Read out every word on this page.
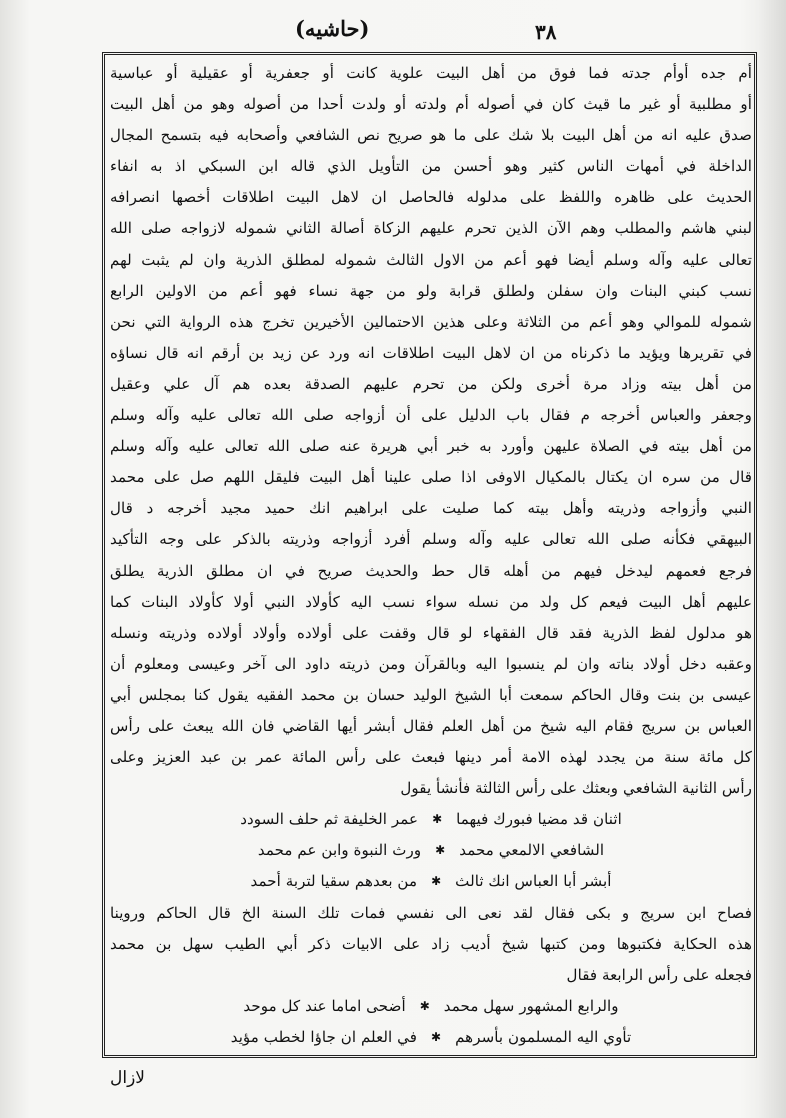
(حاشيه)	٣٨
أم جده أوأم جدته فما فوق من أهل البيت علوية كانت أو جعفرية أو عقيلية أو عباسية
أو مطلبية أو غير ما قيث كان في أصوله أم ولدته أو ولدت أحدا من أصوله وهو من أهل البيت
صدق عليه انه من أهل البيت بلا شك على ما هو صريح نص الشافعي وأصحابه فيه بتسمح المجال
الداخلة في أمهات الناس كثير وهو أحسن من التأويل الذي قاله ابن السبكي اذ به انفاء
الحديث على ظاهره واللفظ على مدلوله فالحاصل ان لاهل البيت اطلاقات أخصها انصرافه
لبني هاشم والمطلب وهم الآن الذين تحرم عليهم الزكاة أصالة الثاني شموله لازواجه صلى الله
تعالى عليه وآله وسلم أيضا فهو أعم من الاول الثالث شموله لمطلق الذرية وان لم يثبت لهم
نسب كبني البنات وان سفلن ولطلق قرابة ولو من جهة نساء فهو أعم من الاولين الرابع
شموله للموالي وهو أعم من الثلاثة وعلى هذين الاحتمالين الأخيرين تخرج هذه الرواية التي نحن
في تقريرها ويؤيد ما ذكرناه من ان لاهل البيت اطلاقات انه ورد عن زيد بن أرقم انه قال نساؤه
من أهل بيته وزاد مرة أخرى ولكن من تحرم عليهم الصدقة بعده هم آل علي وعقيل
وجعفر والعباس أخرجه م فقال باب الدليل على أن أزواجه صلى الله تعالى عليه وآله وسلم
من أهل بيته في الصلاة عليهن وأورد به خبر أبي هريرة عنه صلى الله تعالى عليه وآله وسلم
قال من سره ان يكتال بالمكيال الاوفى اذا صلى علينا أهل البيت فليقل اللهم صل على محمد
النبي وأزواجه وذريته وأهل بيته كما صليت على ابراهيم انك حميد مجيد أخرجه د قال
البيهقي فكأنه صلى الله تعالى عليه وآله وسلم أفرد أزواجه وذريته بالذكر على وجه التأكيد
فرجع فعمهم ليدخل فيهم من أهله قال حط والحديث صريح في ان مطلق الذرية يطلق
عليهم أهل البيت فيعم كل ولد من نسله سواء نسب اليه كأولاد النبي أولا كأولاد البنات كما
هو مدلول لفظ الذرية فقد قال الفقهاء لو قال وقفت على أولاده وأولاد أولاده وذريته ونسله
وعقبه دخل أولاد بناته وان لم ينسبوا اليه وبالقرآن ومن ذريته داود الى آخر وعيسى ومعلوم أن
عيسى بن بنت وقال الحاكم سمعت أبا الشيخ الوليد حسان بن محمد الفقيه يقول كنا بمجلس أبي
العباس بن سريج فقام اليه شيخ من أهل العلم فقال أبشر أيها القاضي فان الله يبعث على رأس
كل مائة سنة من يجدد لهذه الامة أمر دينها فبعث على رأس المائة عمر بن عبد العزيز وعلى
رأس الثانية الشافعي وبعثك على رأس الثالثة فأنشأ يقول
اثنان قد مضيا فبورك فيهما
✱
عمر الخليفة ثم حلف السودد
الشافعي الالمعي محمد
✱
ورث النبوة وابن عم محمد
أبشر أبا العباس انك ثالث
✱
من بعدهم سقيا لتربة أحمد
فصاح ابن سريج و بكى فقال لقد نعى الى نفسي فمات تلك السنة الخ قال الحاكم وروينا
هذه الحكاية فكتبوها ومن كتبها شيخ أديب زاد على الابيات ذكر أبي الطيب سهل بن محمد
فجعله على رأس الرابعة فقال
والرابع المشهور سهل محمد
✱
أضحى اماما عند كل موحد
تأوي اليه المسلمون بأسرهم
✱
في العلم ان جاؤا لخطب مؤيد
لازال
